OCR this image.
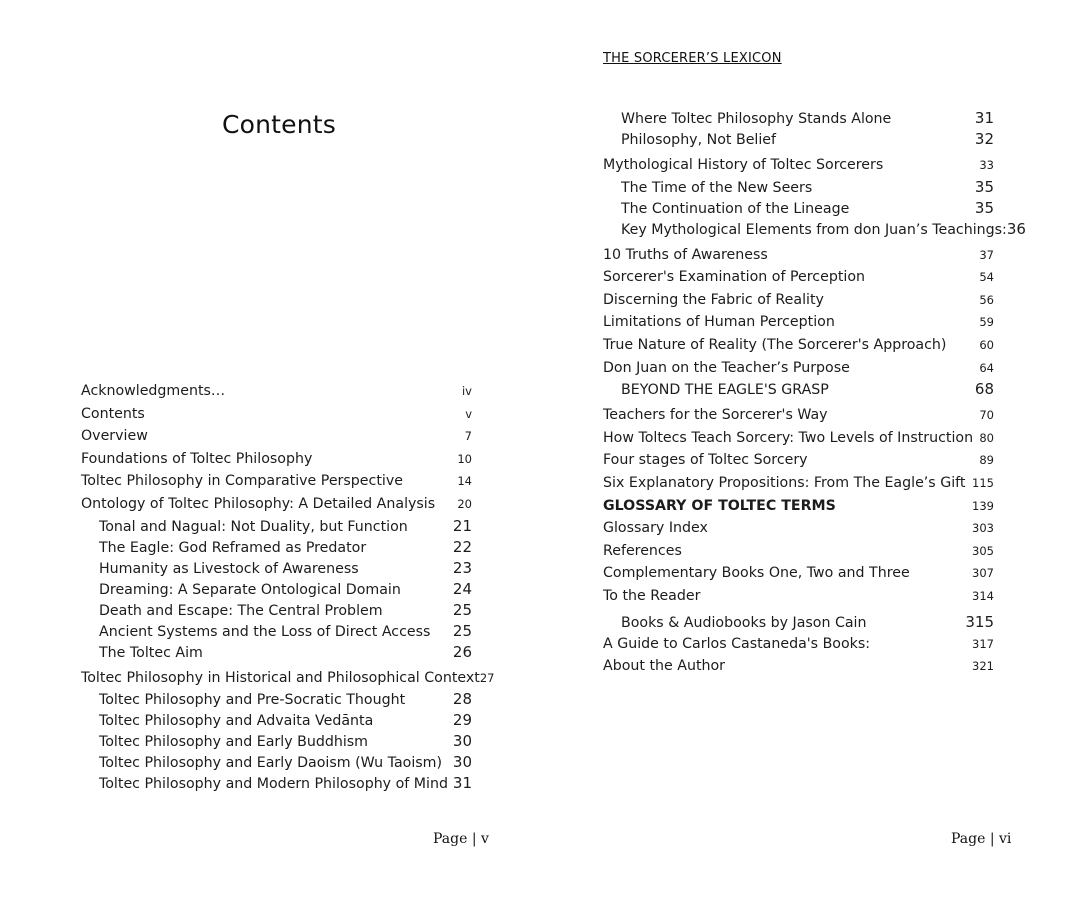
Contents
Acknowledgments…	iv
Contents	v
Overview	7
Foundations of Toltec Philosophy	10
Toltec Philosophy in Comparative Perspective	14
Ontology of Toltec Philosophy: A Detailed Analysis 20
Tonal and Nagual: Not Duality, but Function	21
The Eagle: God Reframed as Predator	22
Humanity as Livestock of Awareness	23
Dreaming: A Separate Ontological Domain	24
Death and Escape: The Central Problem	25
Ancient Systems and the Loss of Direct Access 25
The Toltec Aim	26
Toltec Philosophy in Historical and Philosophical Context 27
Toltec Philosophy and Pre-Socratic Thought	28
Toltec Philosophy and Advaita Vedānta	29
Toltec Philosophy and Early Buddhism	30
Toltec Philosophy and Early Daoism (Wu Taoism) 30
Toltec Philosophy and Modern Philosophy of Mind 31
Page | v
THE SORCERER’S LEXICON
Where Toltec Philosophy Stands Alone	31
Philosophy, Not Belief	32
Mythological History of Toltec Sorcerers	33
The Time of the New Seers	35
The Continuation of the Lineage	35
Key Mythological Elements from don Juan’s Teachings: 36
10 Truths of Awareness	37
Sorcerer's Examination of Perception	54
Discerning the Fabric of Reality	56
Limitations of Human Perception	59
True Nature of Reality (The Sorcerer's Approach)	60
Don Juan on the Teacher’s Purpose	64
BEYOND THE EAGLE'S GRASP	68
Teachers for the Sorcerer's Way	70
How Toltecs Teach Sorcery: Two Levels of Instruction 80
Four stages of Toltec Sorcery	89
Six Explanatory Propositions: From The Eagle’s Gift 115
GLOSSARY OF TOLTEC TERMS	139
Glossary Index	303
References	305
Complementary Books One, Two and Three	307
To the Reader	314
Books & Audiobooks by Jason Cain	315
A Guide to Carlos Castaneda's Books:	317
About the Author	321
Page | vi
